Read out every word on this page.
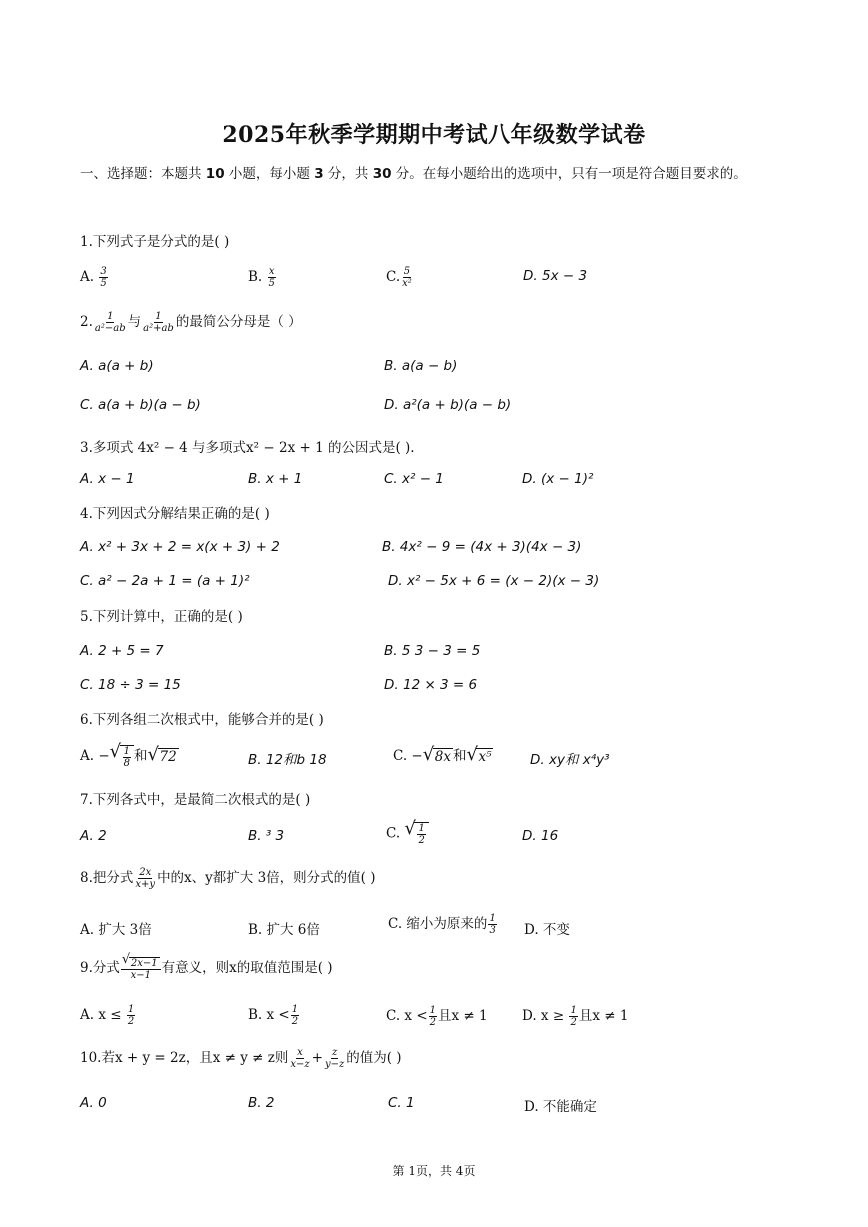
2025年秋季学期期中考试八年级数学试卷
一、选择题：本题共 10 小题，每小题 3 分，共 30 分。在每小题给出的选项中，只有一项是符合题目要求的。
1.下列式子是分式的是( )
A. $\frac{3}{5}$	B. $\frac{x}{5}$	C. $\frac{5}{\text{x²}}$	D. 5x − 3
2. $\frac{1}{\text{a²−ab}}$ 与 $\frac{1}{\text{a²+ab}}$ 的最简公分母是（ ）
A. a(a + b)	B. a(a − b)
C. a(a + b)(a − b)	D. a²(a + b)(a − b)
3.多项式 4x² − 4 与多项式x² − 2x + 1 的公因式是( ).
A. x − 1	B. x + 1	C. x² − 1	D. (x − 1)²
4.下列因式分解结果正确的是( )
A. x² + 3x + 2 = x(x + 3) + 2	B. 4x² − 9 = (4x + 3)(4x − 3)
C. a² − 2a + 1 = (a + 1)²	D. x² − 5x + 6 = (x − 2)(x − 3)
5.下列计算中，正确的是( )
A. 2 + 5 = 7	B. 5 3 − 3 = 5
C. 18 ÷ 3 = 15	D. 12 × 3 = 6
6.下列各组二次根式中，能够合并的是( )
A. − √ $\frac{1}{8}$ 和 √ 72	B. 12和b 18	C. − √ 8x 和 √ x⁵	D. xy和 x⁴y³
7.下列各式中，是最简二次根式的是( )
A. 2	B. ³ 3	C. √ $\frac{1}{2}$	D. 16
8.把分式 $\frac{2x}{x+y}$ 中的x、y都扩大 3倍，则分式的值( )
A. 扩大 3倍	B. 扩大 6倍	C. 缩小为原来的 $\frac{1}{3} D$. 不变
9.分式 $\frac{√ 2x-1}{x-1}$ 有意义，则x的取值范围是( )
A. $x \le \frac{1}{2}$	B. $x < \frac{1}{2}$	C. $x < \frac{1}{2}$ 且x ≠ 1	D. $x \ge \frac{1}{2}$ 且x ≠ 1
10.若x + y = 2z，且x ≠ y ≠ z则 $\frac{x}{x-z} + \frac{z}{y-z}$ 的值为( )
A. 0	B. 2	C. 1	D. 不能确定
第 1页，共 4页
